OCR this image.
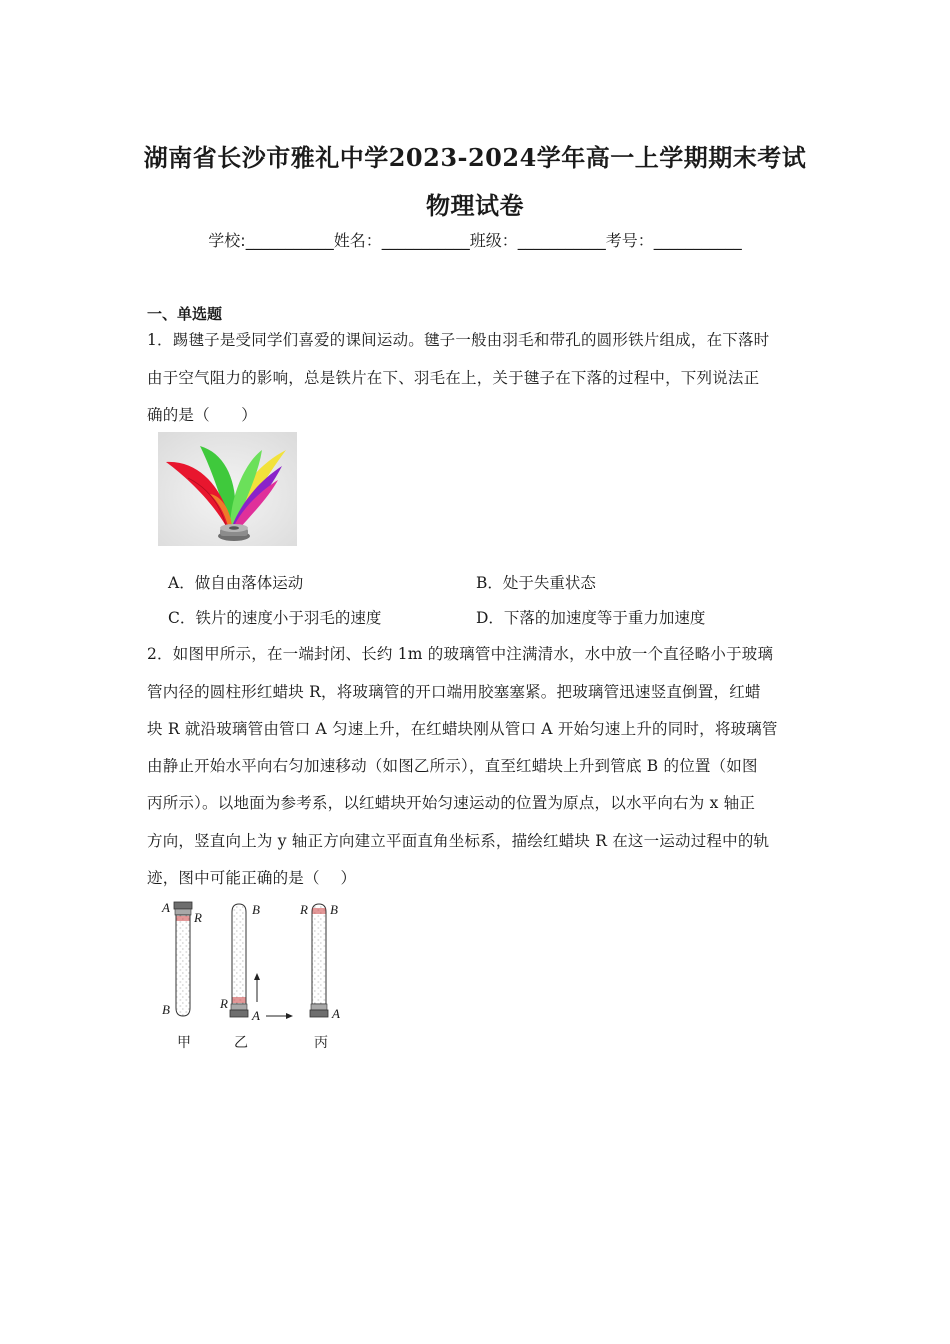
湖南省长沙市雅礼中学2023-2024学年高一上学期期末考试
物理试卷
学校:___________姓名：___________班级：___________考号：___________
一、单选题
1．踢毽子是受同学们喜爱的课间运动。毽子一般由羽毛和带孔的圆形铁片组成，在下落时
由于空气阻力的影响，总是铁片在下、羽毛在上，关于毽子在下落的过程中，下列说法正
确的是（　　）
A．做自由落体运动	B．处于失重状态
C．铁片的速度小于羽毛的速度	D．下落的加速度等于重力加速度
2．如图甲所示，在一端封闭、长约 1m 的玻璃管中注满清水，水中放一个直径略小于玻璃
管内径的圆柱形红蜡块 R，将玻璃管的开口端用胶塞塞紧。把玻璃管迅速竖直倒置，红蜡
块 R 就沿玻璃管由管口 A 匀速上升，在红蜡块刚从管口 A 开始匀速上升的同时，将玻璃管
由静止开始水平向右匀加速移动（如图乙所示），直至红蜡块上升到管底 B 的位置（如图
丙所示）。以地面为参考系，以红蜡块开始匀速运动的位置为原点，以水平向右为 x 轴正
方向，竖直向上为 y 轴正方向建立平面直角坐标系，描绘红蜡块 R 在这一运动过程中的轨
迹，图中可能正确的是（　 ）
A
R
B
B
R
A
R B
A
甲	乙	丙
